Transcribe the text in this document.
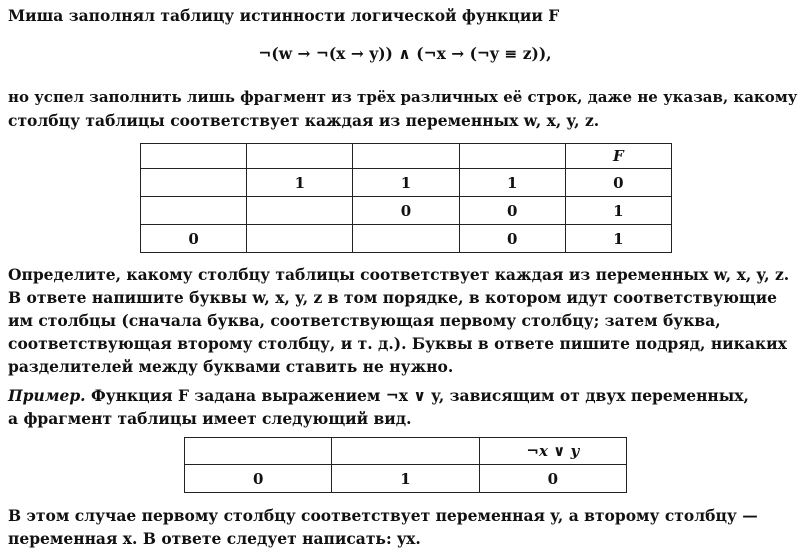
Миша заполнял таблицу истинности логической функции F
¬(w → ¬(x → y)) ∧ (¬x → (¬y ≡ z)),
но успел заполнить лишь фрагмент из трёх различных её строк, даже не указав, какому
столбцу таблицы соответствует каждая из переменных w, x, y, z.
				F
	1	1	1	0
		0	0	1
0			0	1
Определите, какому столбцу таблицы соответствует каждая из переменных w, x, y, z.
В ответе напишите буквы w, x, y, z в том порядке, в котором идут соответствующие
им столбцы (сначала буква, соответствующая первому столбцу; затем буква,
соответствующая второму столбцу, и т. д.). Буквы в ответе пишите подряд, никаких
разделителей между буквами ставить не нужно.
Пример. Функция F задана выражением ¬x ∨ y, зависящим от двух переменных,
а фрагмент таблицы имеет следующий вид.
		¬x ∨ y
0	1	0
В этом случае первому столбцу соответствует переменная y, а второму столбцу —
переменная x. В ответе следует написать: yx.
